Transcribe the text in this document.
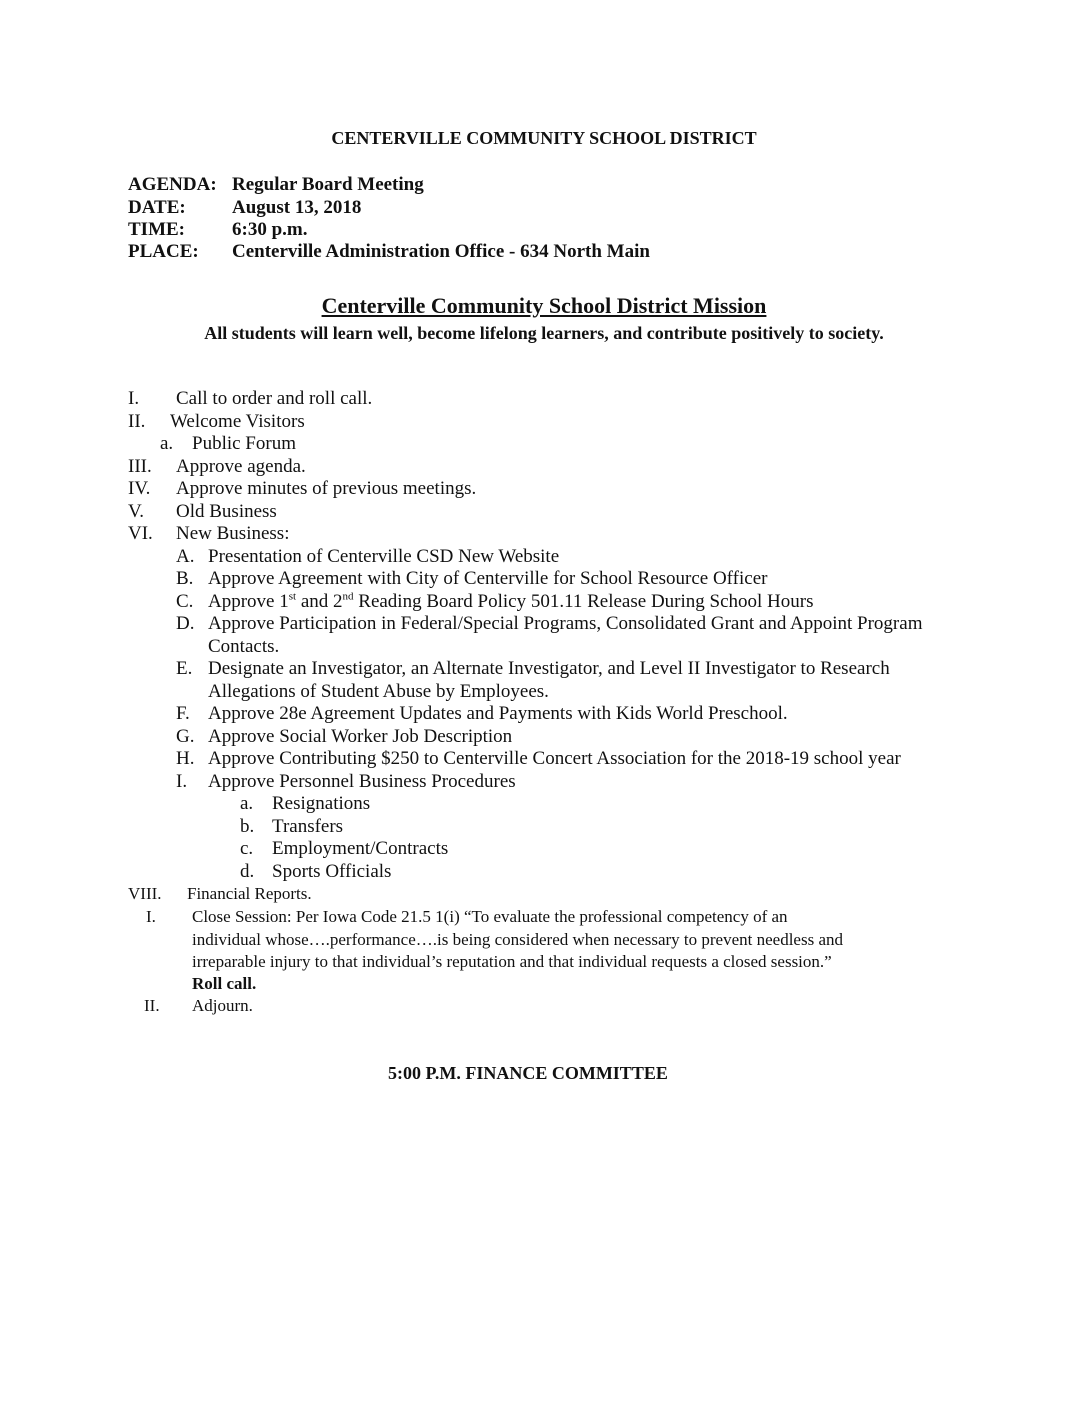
CENTERVILLE COMMUNITY SCHOOL DISTRICT
AGENDA: Regular Board Meeting
DATE: August 13, 2018
TIME: 6:30 p.m.
PLACE: Centerville Administration Office - 634 North Main
Centerville Community School District Mission
All students will learn well, become lifelong learners, and contribute positively to society.
I. Call to order and roll call.
II. Welcome Visitors
a. Public Forum
III. Approve agenda.
IV. Approve minutes of previous meetings.
V. Old Business
VI. New Business:
A. Presentation of Centerville CSD New Website
B. Approve Agreement with City of Centerville for School Resource Officer
C. Approve 1st and 2nd Reading Board Policy 501.11 Release During School Hours
D. Approve Participation in Federal/Special Programs, Consolidated Grant and Appoint Program
Contacts.
E. Designate an Investigator, an Alternate Investigator, and Level II Investigator to Research
Allegations of Student Abuse by Employees.
F. Approve 28e Agreement Updates and Payments with Kids World Preschool.
G. Approve Social Worker Job Description
H. Approve Contributing $250 to Centerville Concert Association for the 2018-19 school year
I. Approve Personnel Business Procedures
a. Resignations
b. Transfers
c. Employment/Contracts
d. Sports Officials
VIII. Financial Reports.
I. Close Session: Per Iowa Code 21.5 1(i) “To evaluate the professional competency of an
individual whose….performance….is being considered when necessary to prevent needless and
irreparable injury to that individual’s reputation and that individual requests a closed session.”
Roll call.
II. Adjourn.
5:00 P.M. FINANCE COMMITTEE
